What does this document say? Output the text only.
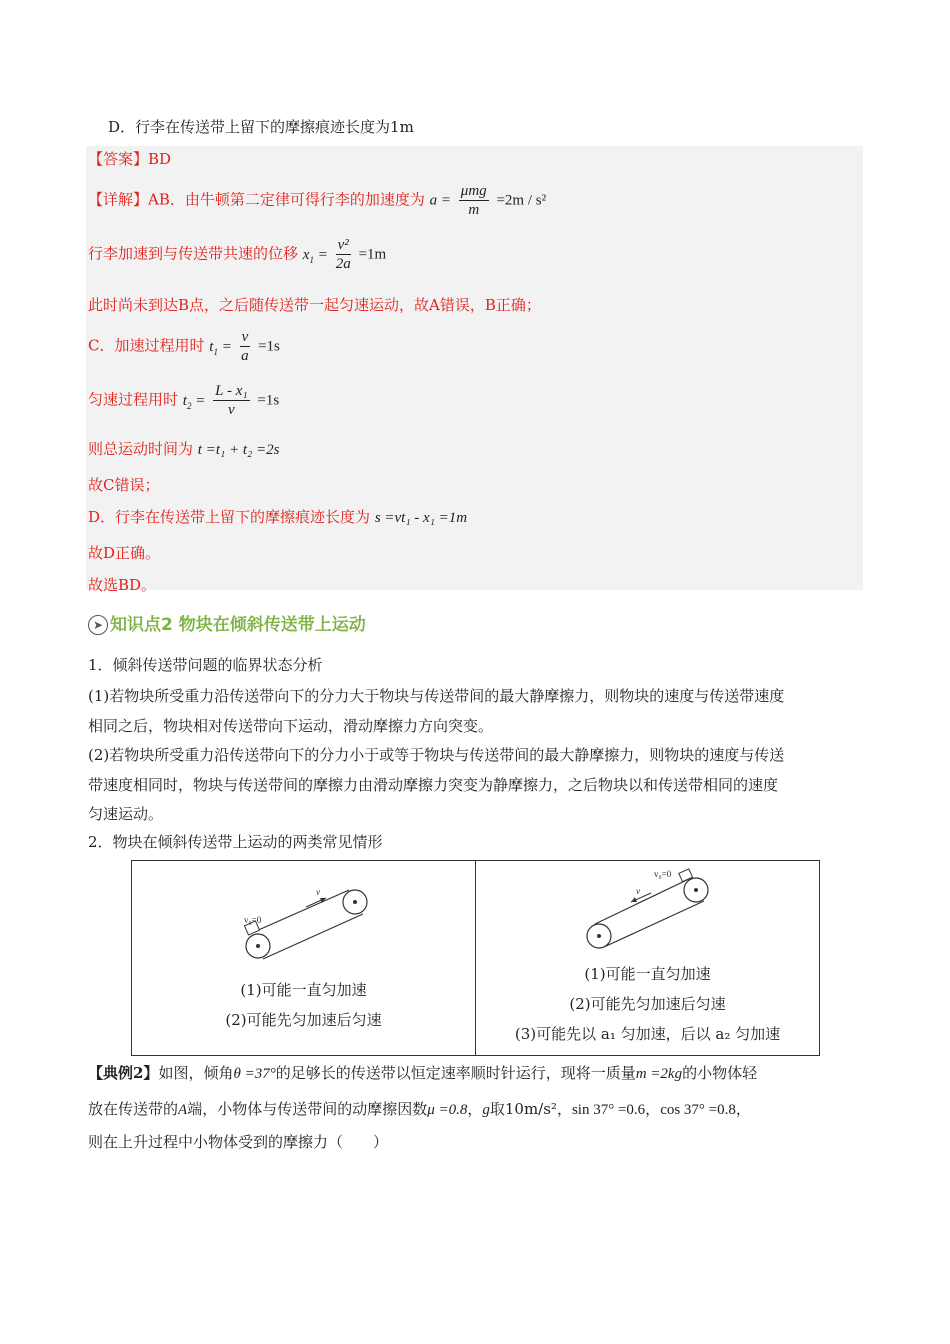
D．行李在传送带上留下的摩擦痕迹长度为1m
【答案】BD
【详解】AB．由牛顿第二定律可得行李的加速度为 $a = \frac{\text{μmg}}{m} =2m / s^2$
行李加速到与传送带共速的位移 $x_1 = \frac{\text{v²}}{2a} =1m$
此时尚未到达B点，之后随传送带一起匀速运动，故A错误，B正确；
C．加速过程用时 $t_1 = \frac{v}{a} =1s$
匀速过程用时 $t_2 = \frac{\text{L - x₁}}{v} =1s$
则总运动时间为 t =t₁ + t₂ =2s
故C错误；
D．行李在传送带上留下的摩擦痕迹长度为 s =vt₁ - x₁ =1m
故D正确。
故选BD。
➤ 知识点2 物块在倾斜传送带上运动
1．倾斜传送带问题的临界状态分析
(1)若物块所受重力沿传送带向下的分力大于物块与传送带间的最大静摩擦力，则物块的速度与传送带速度
相同之后，物块相对传送带向下运动，滑动摩擦力方向突变。
(2)若物块所受重力沿传送带向下的分力小于或等于物块与传送带间的最大静摩擦力，则物块的速度与传送
带速度相同时，物块与传送带间的摩擦力由滑动摩擦力突变为静摩擦力，之后物块以和传送带相同的速度
匀速运动。
2．物块在倾斜传送带上运动的两类常见情形
v
v₀=0
(1)可能一直匀加速
(2)可能先匀加速后匀速

v
v₀=0
(1)可能一直匀加速
(2)可能先匀加速后匀速
(3)可能先以 a₁ 匀加速，后以 a₂ 匀加速
【典例2】如图，倾角θ =37°的足够长的传送带以恒定速率顺时针运行，现将一质量m =2kg的小物体轻
放在传送带的A端，小物体与传送带间的动摩擦因数μ =0.8，g取10m/s²，sin 37° =0.6，cos 37° =0.8，
则在上升过程中小物体受到的摩擦力（　　）
